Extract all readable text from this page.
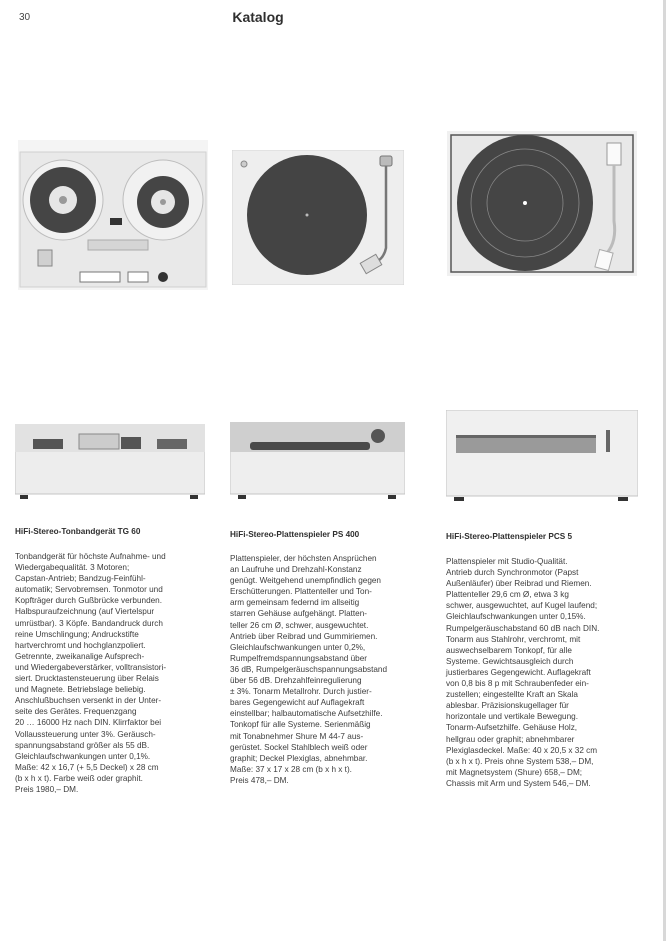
30	Katalog
HiFi-Stereo-Tonbandgerät TG 60
Tonbandgerät für höchste Aufnahme- und
Wiedergabequalität. 3 Motoren;
Capstan-Antrieb; Bandzug-Feinfühl-
automatik; Servobremsen. Tonmotor und
Kopfträger durch Gußbrücke verbunden.
Halbspuraufzeichnung (auf Viertelspur
umrüstbar). 3 Köpfe. Bandandruck durch
reine Umschlingung; Andruckstifte
hartverchromt und hochglanzpoliert.
Getrennte, zweikanalige Aufsprech-
und Wiedergabeverstärker, volltransistori-
siert. Drucktastensteuerung über Relais
und Magnete. Betriebslage beliebig.
Anschlußbuchsen versenkt in der Unter-
seite des Gerätes. Frequenzgang
20 … 16000 Hz nach DIN. Klirrfaktor bei
Vollaussteuerung unter 3%. Geräusch-
spannungsabstand größer als 55 dB.
Gleichlaufschwankungen unter 0,1%.
Maße: 42 x 16,7 (+ 5,5 Deckel) x 28 cm
(b x h x t). Farbe weiß oder graphit.
Preis 1980,– DM.
HiFi-Stereo-Plattenspieler PS 400
Plattenspieler, der höchsten Ansprüchen
an Laufruhe und Drehzahl-Konstanz
genügt. Weitgehend unempfindlich gegen
Erschütterungen. Plattenteller und Ton-
arm gemeinsam federnd im allseitig
starren Gehäuse aufgehängt. Platten-
teller 26 cm Ø, schwer, ausgewuchtet.
Antrieb über Reibrad und Gummiriemen.
Gleichlaufschwankungen unter 0,2%,
Rumpelfremdspannungsabstand über
36 dB, Rumpelgeräuschspannungsabstand
über 56 dB. Drehzahlfeinregulierung
± 3%. Tonarm Metallrohr. Durch justier-
bares Gegengewicht auf Auflagekraft
einstellbar; halbautomatische Aufsetzhilfe.
Tonkopf für alle Systeme. Serienmäßig
mit Tonabnehmer Shure M 44-7 aus-
gerüstet. Sockel Stahlblech weiß oder
graphit; Deckel Plexiglas, abnehmbar.
Maße: 37 x 17 x 28 cm (b x h x t).
Preis 478,– DM.
HiFi-Stereo-Plattenspieler PCS 5
Plattenspieler mit Studio-Qualität.
Antrieb durch Synchronmotor (Papst
Außenläufer) über Reibrad und Riemen.
Plattenteller 29,6 cm Ø, etwa 3 kg
schwer, ausgewuchtet, auf Kugel laufend;
Gleichlaufschwankungen unter 0,15%.
Rumpelgeräuschabstand 60 dB nach DIN.
Tonarm aus Stahlrohr, verchromt, mit
auswechselbarem Tonkopf, für alle
Systeme. Gewichtsausgleich durch
justierbares Gegengewicht. Auflagekraft
von 0,8 bis 8 p mit Schraubenfeder ein-
zustellen; eingestellte Kraft an Skala
ablesbar. Präzisionskugellager für
horizontale und vertikale Bewegung.
Tonarm-Aufsetzhilfe. Gehäuse Holz,
hellgrau oder graphit; abnehmbarer
Plexiglasdeckel. Maße: 40 x 20,5 x 32 cm
(b x h x t). Preis ohne System 538,– DM,
mit Magnetsystem (Shure) 658,– DM;
Chassis mit Arm und System 546,– DM.
